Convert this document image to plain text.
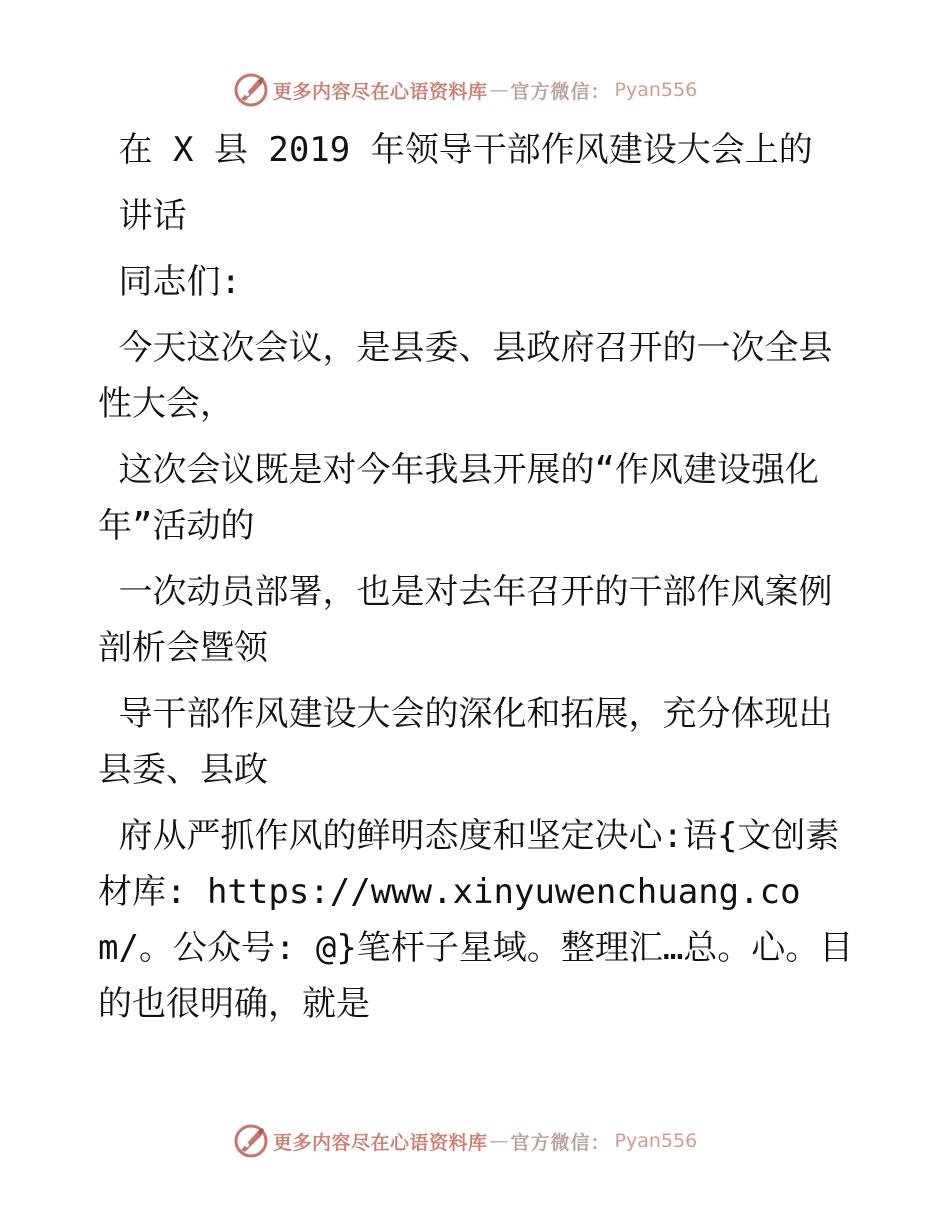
更多内容尽在心语资料库 — 官方微信： Pyan556

在 X 县 2019 年领导干部作风建设大会上的

讲话

同志们:

今天这次会议，是县委、县政府召开的一次全县性大会，

这次会议既是对今年我县开展的“作风建设强化年”活动的

一次动员部署，也是对去年召开的干部作风案例剖析会暨领

导干部作风建设大会的深化和拓展，充分体现出县委、县政

府从严抓作风的鲜明态度和坚定决心:语{文创素材库: https://www.xinyuwenchuang.com/。公众号: @}笔杆子星域。整理汇…总。心。目的也很明确，就是

更多内容尽在心语资料库 — 官方微信： Pyan556
